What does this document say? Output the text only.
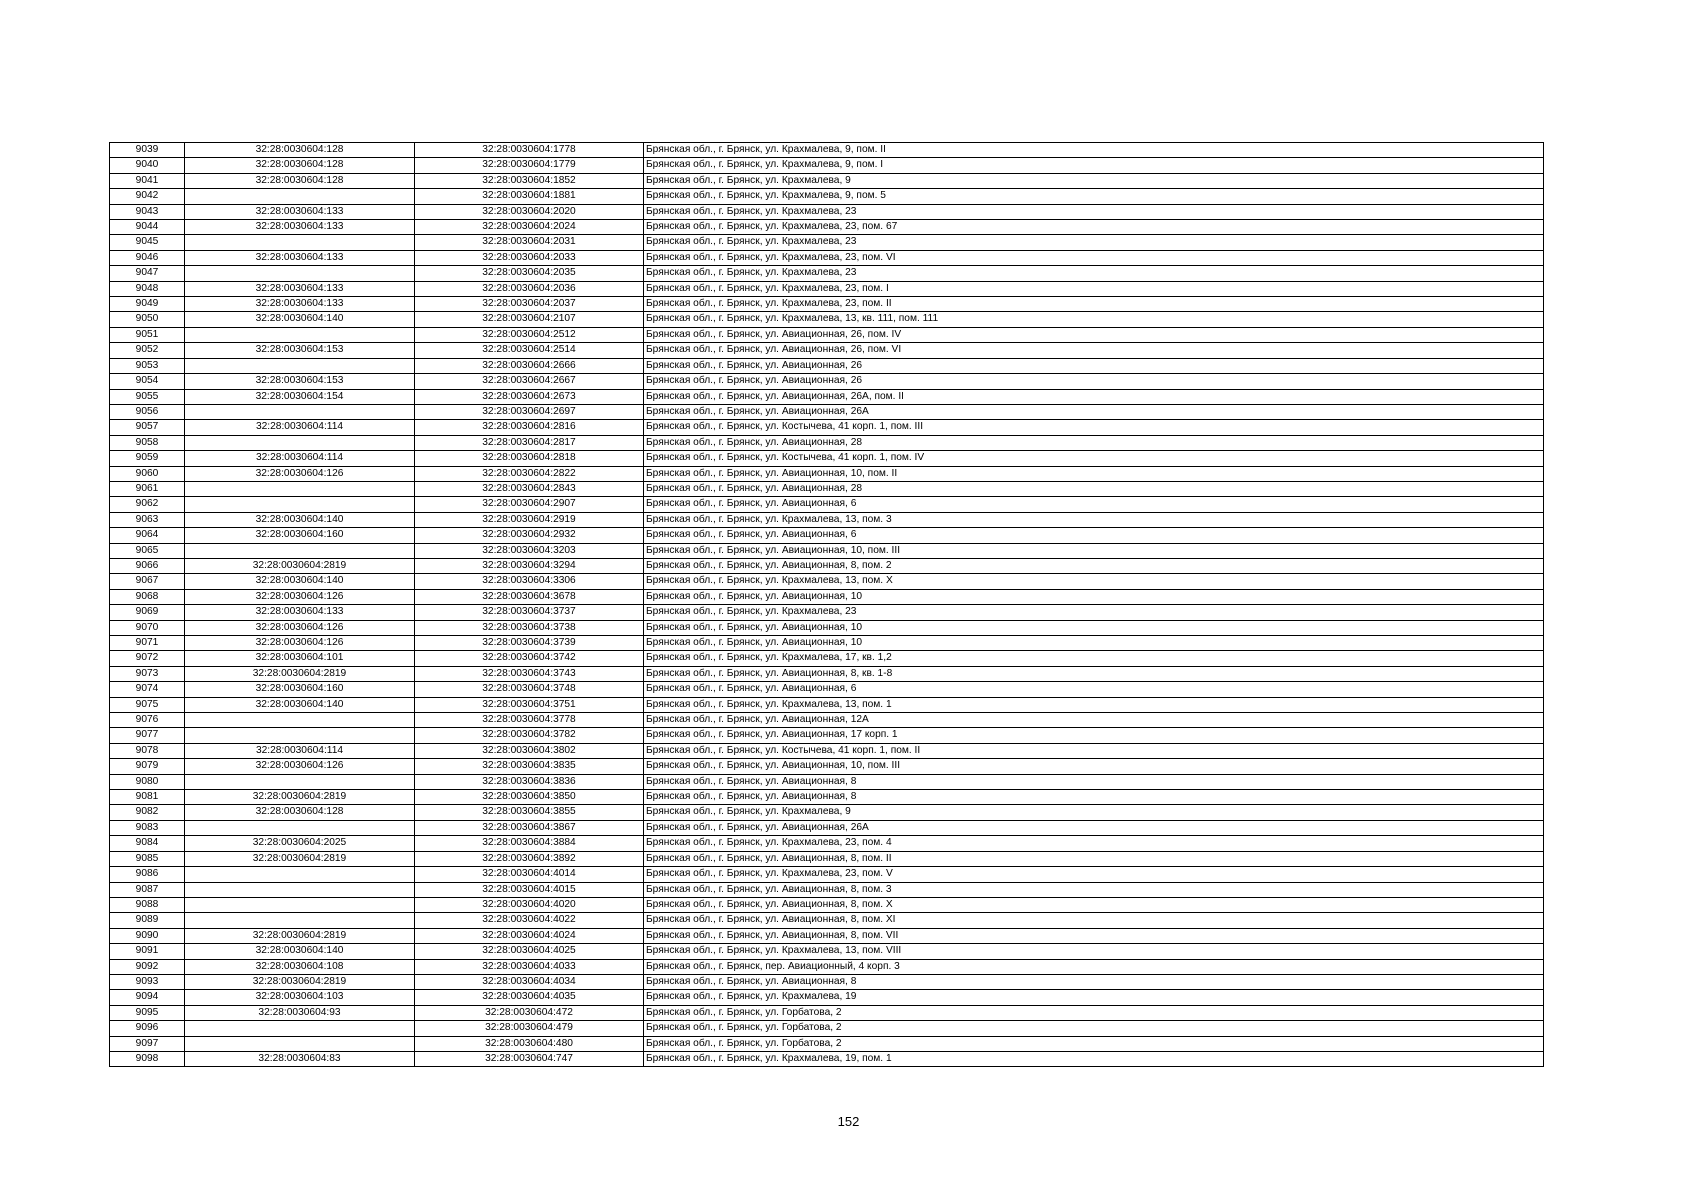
9039	32:28:0030604:128	32:28:0030604:1778	Брянская обл., г. Брянск, ул. Крахмалева, 9, пом. II
9040	32:28:0030604:128	32:28:0030604:1779	Брянская обл., г. Брянск, ул. Крахмалева, 9, пом. I
9041	32:28:0030604:128	32:28:0030604:1852	Брянская обл., г. Брянск, ул. Крахмалева, 9
9042		32:28:0030604:1881	Брянская обл., г. Брянск, ул. Крахмалева, 9, пом. 5
9043	32:28:0030604:133	32:28:0030604:2020	Брянская обл., г. Брянск, ул. Крахмалева, 23
9044	32:28:0030604:133	32:28:0030604:2024	Брянская обл., г. Брянск, ул. Крахмалева, 23, пом. 67
9045		32:28:0030604:2031	Брянская обл., г. Брянск, ул. Крахмалева, 23
9046	32:28:0030604:133	32:28:0030604:2033	Брянская обл., г. Брянск, ул. Крахмалева, 23, пом. VI
9047		32:28:0030604:2035	Брянская обл., г. Брянск, ул. Крахмалева, 23
9048	32:28:0030604:133	32:28:0030604:2036	Брянская обл., г. Брянск, ул. Крахмалева, 23, пом. I
9049	32:28:0030604:133	32:28:0030604:2037	Брянская обл., г. Брянск, ул. Крахмалева, 23, пом. II
9050	32:28:0030604:140	32:28:0030604:2107	Брянская обл., г. Брянск, ул. Крахмалева, 13, кв. 111, пом. 111
9051		32:28:0030604:2512	Брянская обл., г. Брянск, ул. Авиационная, 26, пом. IV
9052	32:28:0030604:153	32:28:0030604:2514	Брянская обл., г. Брянск, ул. Авиационная, 26, пом. VI
9053		32:28:0030604:2666	Брянская обл., г. Брянск, ул. Авиационная, 26
9054	32:28:0030604:153	32:28:0030604:2667	Брянская обл., г. Брянск, ул. Авиационная, 26
9055	32:28:0030604:154	32:28:0030604:2673	Брянская обл., г. Брянск, ул. Авиационная, 26А, пом. II
9056		32:28:0030604:2697	Брянская обл., г. Брянск, ул. Авиационная, 26А
9057	32:28:0030604:114	32:28:0030604:2816	Брянская обл., г. Брянск, ул. Костычева, 41 корп. 1, пом. III
9058		32:28:0030604:2817	Брянская обл., г. Брянск, ул. Авиационная, 28
9059	32:28:0030604:114	32:28:0030604:2818	Брянская обл., г. Брянск, ул. Костычева, 41 корп. 1, пом. IV
9060	32:28:0030604:126	32:28:0030604:2822	Брянская обл., г. Брянск, ул. Авиационная, 10, пом. II
9061		32:28:0030604:2843	Брянская обл., г. Брянск, ул. Авиационная, 28
9062		32:28:0030604:2907	Брянская обл., г. Брянск, ул. Авиационная, 6
9063	32:28:0030604:140	32:28:0030604:2919	Брянская обл., г. Брянск, ул. Крахмалева, 13, пом. 3
9064	32:28:0030604:160	32:28:0030604:2932	Брянская обл., г. Брянск, ул. Авиационная, 6
9065		32:28:0030604:3203	Брянская обл., г. Брянск, ул. Авиационная, 10, пом. III
9066	32:28:0030604:2819	32:28:0030604:3294	Брянская обл., г. Брянск, ул. Авиационная, 8, пом. 2
9067	32:28:0030604:140	32:28:0030604:3306	Брянская обл., г. Брянск, ул. Крахмалева, 13, пом. X
9068	32:28:0030604:126	32:28:0030604:3678	Брянская обл., г. Брянск, ул. Авиационная, 10
9069	32:28:0030604:133	32:28:0030604:3737	Брянская обл., г. Брянск, ул. Крахмалева, 23
9070	32:28:0030604:126	32:28:0030604:3738	Брянская обл., г. Брянск, ул. Авиационная, 10
9071	32:28:0030604:126	32:28:0030604:3739	Брянская обл., г. Брянск, ул. Авиационная, 10
9072	32:28:0030604:101	32:28:0030604:3742	Брянская обл., г. Брянск, ул. Крахмалева, 17, кв. 1,2
9073	32:28:0030604:2819	32:28:0030604:3743	Брянская обл., г. Брянск, ул. Авиационная, 8, кв. 1-8
9074	32:28:0030604:160	32:28:0030604:3748	Брянская обл., г. Брянск, ул. Авиационная, 6
9075	32:28:0030604:140	32:28:0030604:3751	Брянская обл., г. Брянск, ул. Крахмалева, 13, пом. 1
9076		32:28:0030604:3778	Брянская обл., г. Брянск, ул. Авиационная, 12А
9077		32:28:0030604:3782	Брянская обл., г. Брянск, ул. Авиационная, 17 корп. 1
9078	32:28:0030604:114	32:28:0030604:3802	Брянская обл., г. Брянск, ул. Костычева, 41 корп. 1, пом. II
9079	32:28:0030604:126	32:28:0030604:3835	Брянская обл., г. Брянск, ул. Авиационная, 10, пом. III
9080		32:28:0030604:3836	Брянская обл., г. Брянск, ул. Авиационная, 8
9081	32:28:0030604:2819	32:28:0030604:3850	Брянская обл., г. Брянск, ул. Авиационная, 8
9082	32:28:0030604:128	32:28:0030604:3855	Брянская обл., г. Брянск, ул. Крахмалева, 9
9083		32:28:0030604:3867	Брянская обл., г. Брянск, ул. Авиационная, 26А
9084	32:28:0030604:2025	32:28:0030604:3884	Брянская обл., г. Брянск, ул. Крахмалева, 23, пом. 4
9085	32:28:0030604:2819	32:28:0030604:3892	Брянская обл., г. Брянск, ул. Авиационная, 8, пом. II
9086		32:28:0030604:4014	Брянская обл., г. Брянск, ул. Крахмалева, 23, пом. V
9087		32:28:0030604:4015	Брянская обл., г. Брянск, ул. Авиационная, 8, пом. 3
9088		32:28:0030604:4020	Брянская обл., г. Брянск, ул. Авиационная, 8, пом. X
9089		32:28:0030604:4022	Брянская обл., г. Брянск, ул. Авиационная, 8, пом. XI
9090	32:28:0030604:2819	32:28:0030604:4024	Брянская обл., г. Брянск, ул. Авиационная, 8, пом. VII
9091	32:28:0030604:140	32:28:0030604:4025	Брянская обл., г. Брянск, ул. Крахмалева, 13, пом. VIII
9092	32:28:0030604:108	32:28:0030604:4033	Брянская обл., г. Брянск, пер. Авиационный, 4 корп. 3
9093	32:28:0030604:2819	32:28:0030604:4034	Брянская обл., г. Брянск, ул. Авиационная, 8
9094	32:28:0030604:103	32:28:0030604:4035	Брянская обл., г. Брянск, ул. Крахмалева, 19
9095	32:28:0030604:93	32:28:0030604:472	Брянская обл., г. Брянск, ул. Горбатова, 2
9096		32:28:0030604:479	Брянская обл., г. Брянск, ул. Горбатова, 2
9097		32:28:0030604:480	Брянская обл., г. Брянск, ул. Горбатова, 2
9098	32:28:0030604:83	32:28:0030604:747	Брянская обл., г. Брянск, ул. Крахмалева, 19, пом. 1
152
